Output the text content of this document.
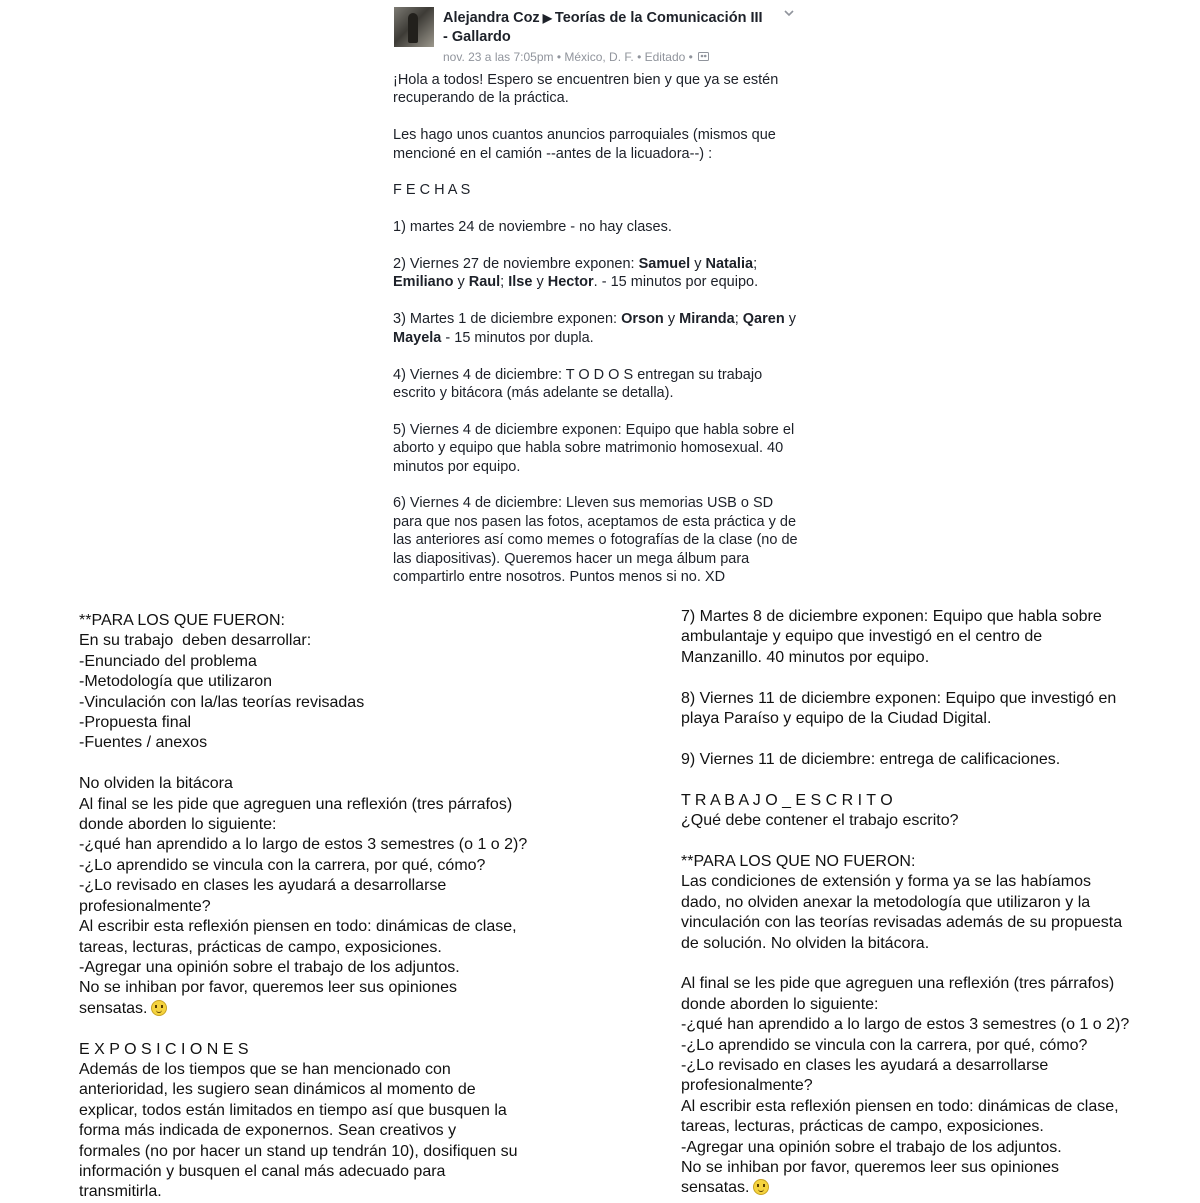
Alejandra Coz ▶ Teorías de la Comunicación III
- Gallardo
nov. 23 a las 7:05pm • México, D. F. • Editado •
¡Hola a todos! Espero se encuentren bien y que ya se estén recuperando de la práctica.

Les hago unos cuantos anuncios parroquiales (mismos que mencioné en el camión --antes de la licuadora--) :

F E C H A S

1) martes 24 de noviembre - no hay clases.

2) Viernes 27 de noviembre exponen: Samuel y Natalia; Emiliano y Raul; Ilse y Hector. - 15 minutos por equipo.

3) Martes 1 de diciembre exponen: Orson y Miranda; Qaren y Mayela - 15 minutos por dupla.

4) Viernes 4 de diciembre: T O D O S entregan su trabajo escrito y bitácora (más adelante se detalla).

5) Viernes 4 de diciembre exponen: Equipo que habla sobre el aborto y equipo que habla sobre matrimonio homosexual. 40 minutos por equipo.

6) Viernes 4 de diciembre: Lleven sus memorias USB o SD para que nos pasen las fotos, aceptamos de esta práctica y de las anteriores así como memes o fotografías de la clase (no de las diapositivas). Queremos hacer un mega álbum para compartirlo entre nosotros. Puntos menos si no. XD
**PARA LOS QUE FUERON:
En su trabajo  deben desarrollar:
-Enunciado del problema
-Metodología que utilizaron
-Vinculación con la/las teorías revisadas
-Propuesta final
-Fuentes / anexos

No olviden la bitácora
Al final se les pide que agreguen una reflexión (tres párrafos)
donde aborden lo siguiente:
-¿qué han aprendido a lo largo de estos 3 semestres (o 1 o 2)?
-¿Lo aprendido se vincula con la carrera, por qué, cómo?
-¿Lo revisado en clases les ayudará a desarrollarse
profesionalmente?
Al escribir esta reflexión piensen en todo: dinámicas de clase,
tareas, lecturas, prácticas de campo, exposiciones.
-Agregar una opinión sobre el trabajo de los adjuntos.
No se inhiban por favor, queremos leer sus opiniones
sensatas.

E X P O S I C I O N E S
Además de los tiempos que se han mencionado con
anterioridad, les sugiero sean dinámicos al momento de
explicar, todos están limitados en tiempo así que busquen la
forma más indicada de exponernos. Sean creativos y
formales (no por hacer un stand up tendrán 10), dosifiquen su
información y busquen el canal más adecuado para
transmitirla.
7) Martes 8 de diciembre exponen: Equipo que habla sobre
ambulantaje y equipo que investigó en el centro de
Manzanillo. 40 minutos por equipo.

8) Viernes 11 de diciembre exponen: Equipo que investigó en
playa Paraíso y equipo de la Ciudad Digital.

9) Viernes 11 de diciembre: entrega de calificaciones.

T R A B A J O _ E S C R I T O
¿Qué debe contener el trabajo escrito?

**PARA LOS QUE NO FUERON:
Las condiciones de extensión y forma ya se las habíamos
dado, no olviden anexar la metodología que utilizaron y la
vinculación con las teorías revisadas además de su propuesta
de solución. No olviden la bitácora.

Al final se les pide que agreguen una reflexión (tres párrafos)
donde aborden lo siguiente:
-¿qué han aprendido a lo largo de estos 3 semestres (o 1 o 2)?
-¿Lo aprendido se vincula con la carrera, por qué, cómo?
-¿Lo revisado en clases les ayudará a desarrollarse
profesionalmente?
Al escribir esta reflexión piensen en todo: dinámicas de clase,
tareas, lecturas, prácticas de campo, exposiciones.
-Agregar una opinión sobre el trabajo de los adjuntos.
No se inhiban por favor, queremos leer sus opiniones
sensatas.
